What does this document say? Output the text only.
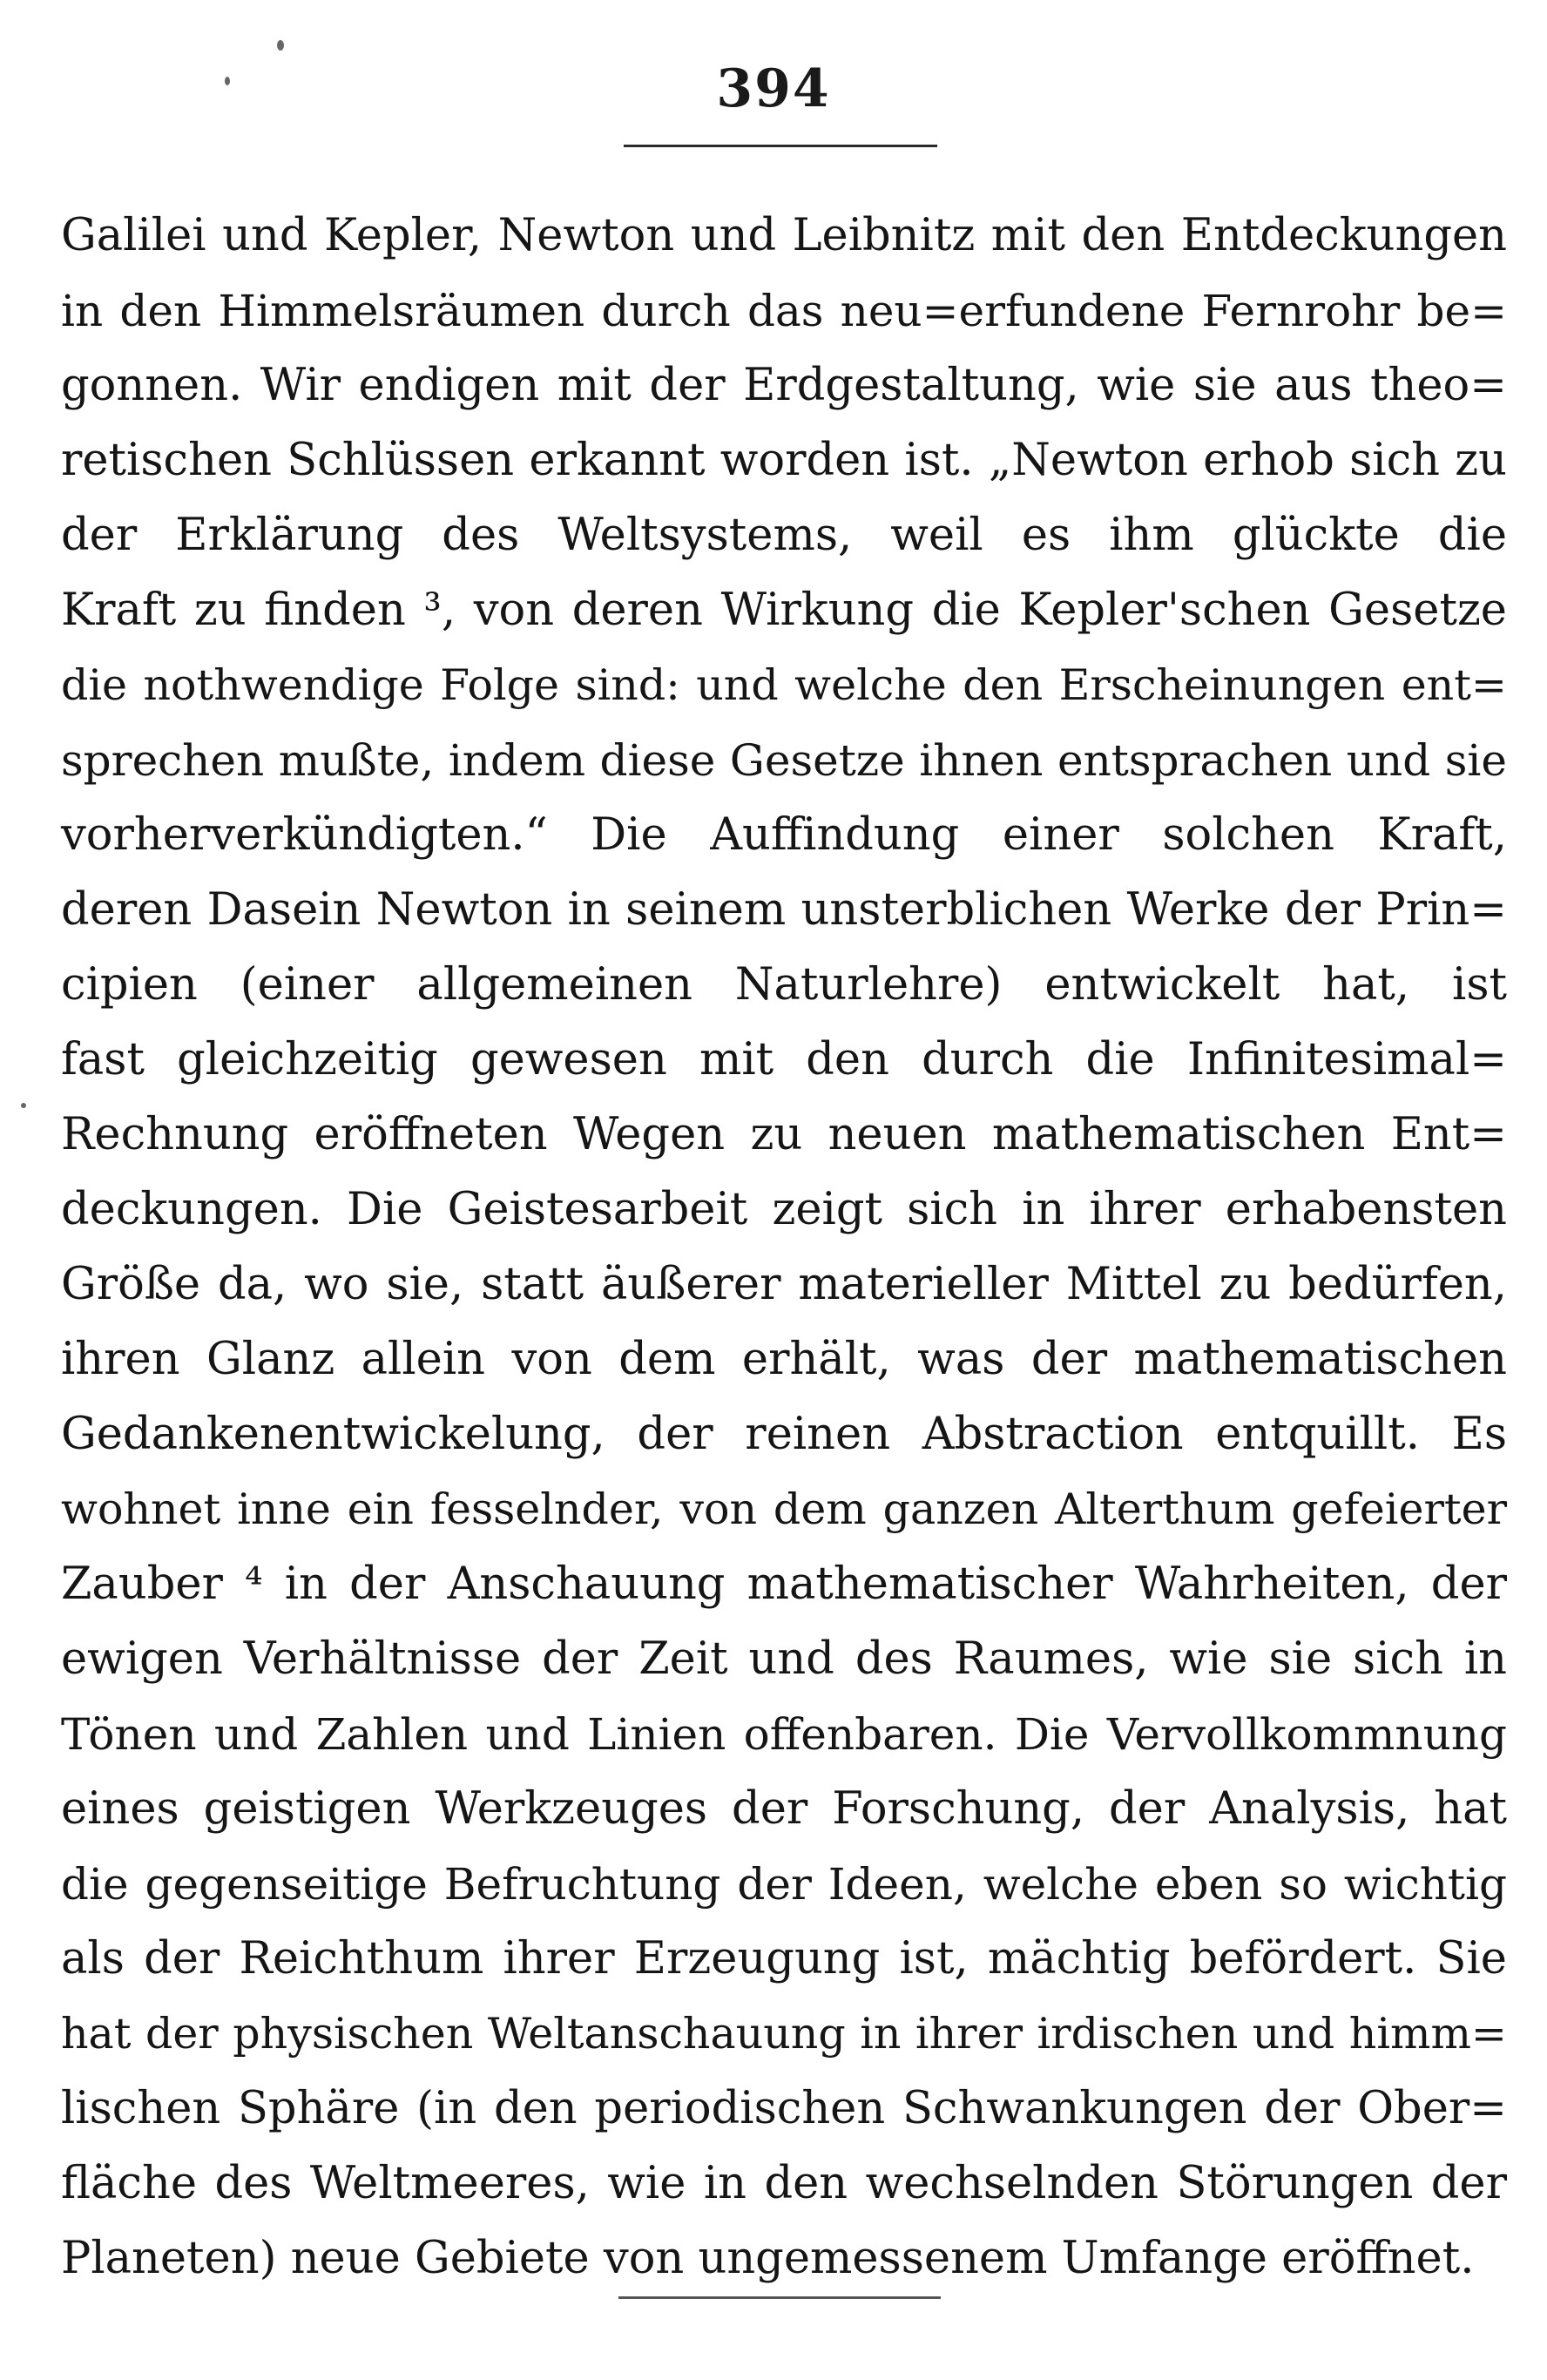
394
Galilei und Kepler, Newton und Leibnitz mit den Entdeckungen
in den Himmelsräumen durch das neu=erfundene Fernrohr be=
gonnen. Wir endigen mit der Erdgestaltung, wie sie aus theo=
retischen Schlüssen erkannt worden ist. „Newton erhob sich zu
der Erklärung des Weltsystems, weil es ihm glückte die
Kraft zu finden ³, von deren Wirkung die Kepler'schen Gesetze
die nothwendige Folge sind: und welche den Erscheinungen ent=
sprechen mußte, indem diese Gesetze ihnen entsprachen und sie
vorherverkündigten.“ Die Auffindung einer solchen Kraft,
deren Dasein Newton in seinem unsterblichen Werke der Prin=
cipien (einer allgemeinen Naturlehre) entwickelt hat, ist
fast gleichzeitig gewesen mit den durch die Infinitesimal=
Rechnung eröffneten Wegen zu neuen mathematischen Ent=
deckungen. Die Geistesarbeit zeigt sich in ihrer erhabensten
Größe da, wo sie, statt äußerer materieller Mittel zu bedürfen,
ihren Glanz allein von dem erhält, was der mathematischen
Gedankenentwickelung, der reinen Abstraction entquillt. Es
wohnet inne ein fesselnder, von dem ganzen Alterthum gefeierter
Zauber ⁴ in der Anschauung mathematischer Wahrheiten, der
ewigen Verhältnisse der Zeit und des Raumes, wie sie sich in
Tönen und Zahlen und Linien offenbaren. Die Vervollkommnung
eines geistigen Werkzeuges der Forschung, der Analysis, hat
die gegenseitige Befruchtung der Ideen, welche eben so wichtig
als der Reichthum ihrer Erzeugung ist, mächtig befördert. Sie
hat der physischen Weltanschauung in ihrer irdischen und himm=
lischen Sphäre (in den periodischen Schwankungen der Ober=
fläche des Weltmeeres, wie in den wechselnden Störungen der
Planeten) neue Gebiete von ungemessenem Umfange eröffnet.
